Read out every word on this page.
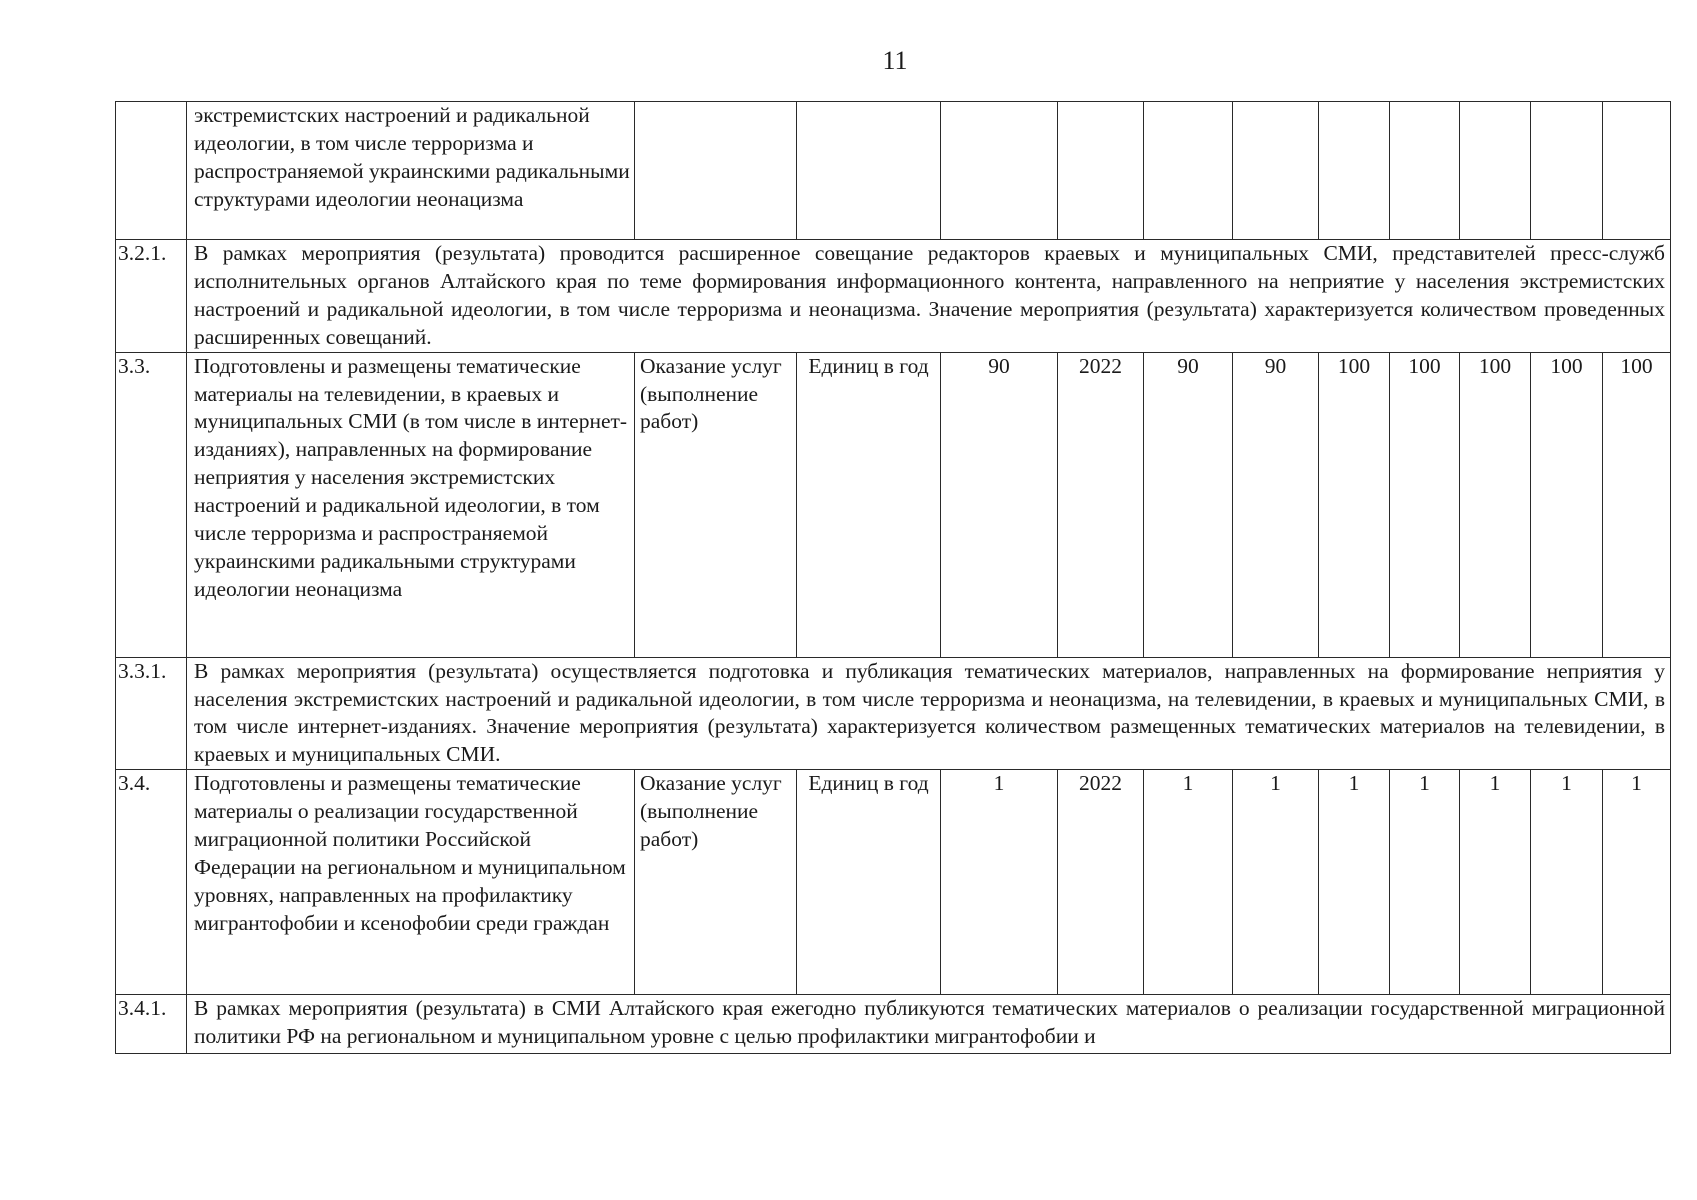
11
	экстремистских настроений и радикальной идеологии, в том числе терроризма и распространяемой украинскими радикальными структурами идеологии неонацизма											
3.2.1.	В рамках мероприятия (результата) проводится расширенное совещание редакторов краевых и муниципальных СМИ, представителей пресс-служб исполнительных органов Алтайского края по теме формирования информационного контента, направленного на неприятие у населения экстремистских настроений и радикальной идеологии, в том числе терроризма и неонацизма. Значение мероприятия (результата) характеризуется количеством проведенных расширенных совещаний.											
3.3.	Подготовлены и размещены тематические материалы на телевидении, в краевых и муниципальных СМИ (в том числе в интернет-изданиях), направленных на формирование неприятия у населения экстремистских настроений и радикальной идеологии, в том числе терроризма и распространяемой украинскими радикальными структурами идеологии неонацизма	Оказание услуг (выполнение работ)	Единиц в год	90	2022	90	90	100	100	100	100	100
3.3.1.	В рамках мероприятия (результата) осуществляется подготовка и публикация тематических материалов, направленных на формирование неприятия у населения экстремистских настроений и радикальной идеологии, в том числе терроризма и неонацизма, на телевидении, в краевых и муниципальных СМИ, в том числе интернет-изданиях. Значение мероприятия (результата) характеризуется количеством размещенных тематических материалов на телевидении, в краевых и муниципальных СМИ.											
3.4.	Подготовлены и размещены тематические материалы о реализации государственной миграционной политики Российской Федерации на региональном и муниципальном уровнях, направленных на профилактику мигрантофобии и ксенофобии среди граждан	Оказание услуг (выполнение работ)	Единиц в год	1	2022	1	1	1	1	1	1	1
3.4.1.	В рамках мероприятия (результата) в СМИ Алтайского края ежегодно публикуются тематических материалов о реализации государственной миграционной политики РФ на региональном и муниципальном уровне с целью профилактики мигрантофобии и											
